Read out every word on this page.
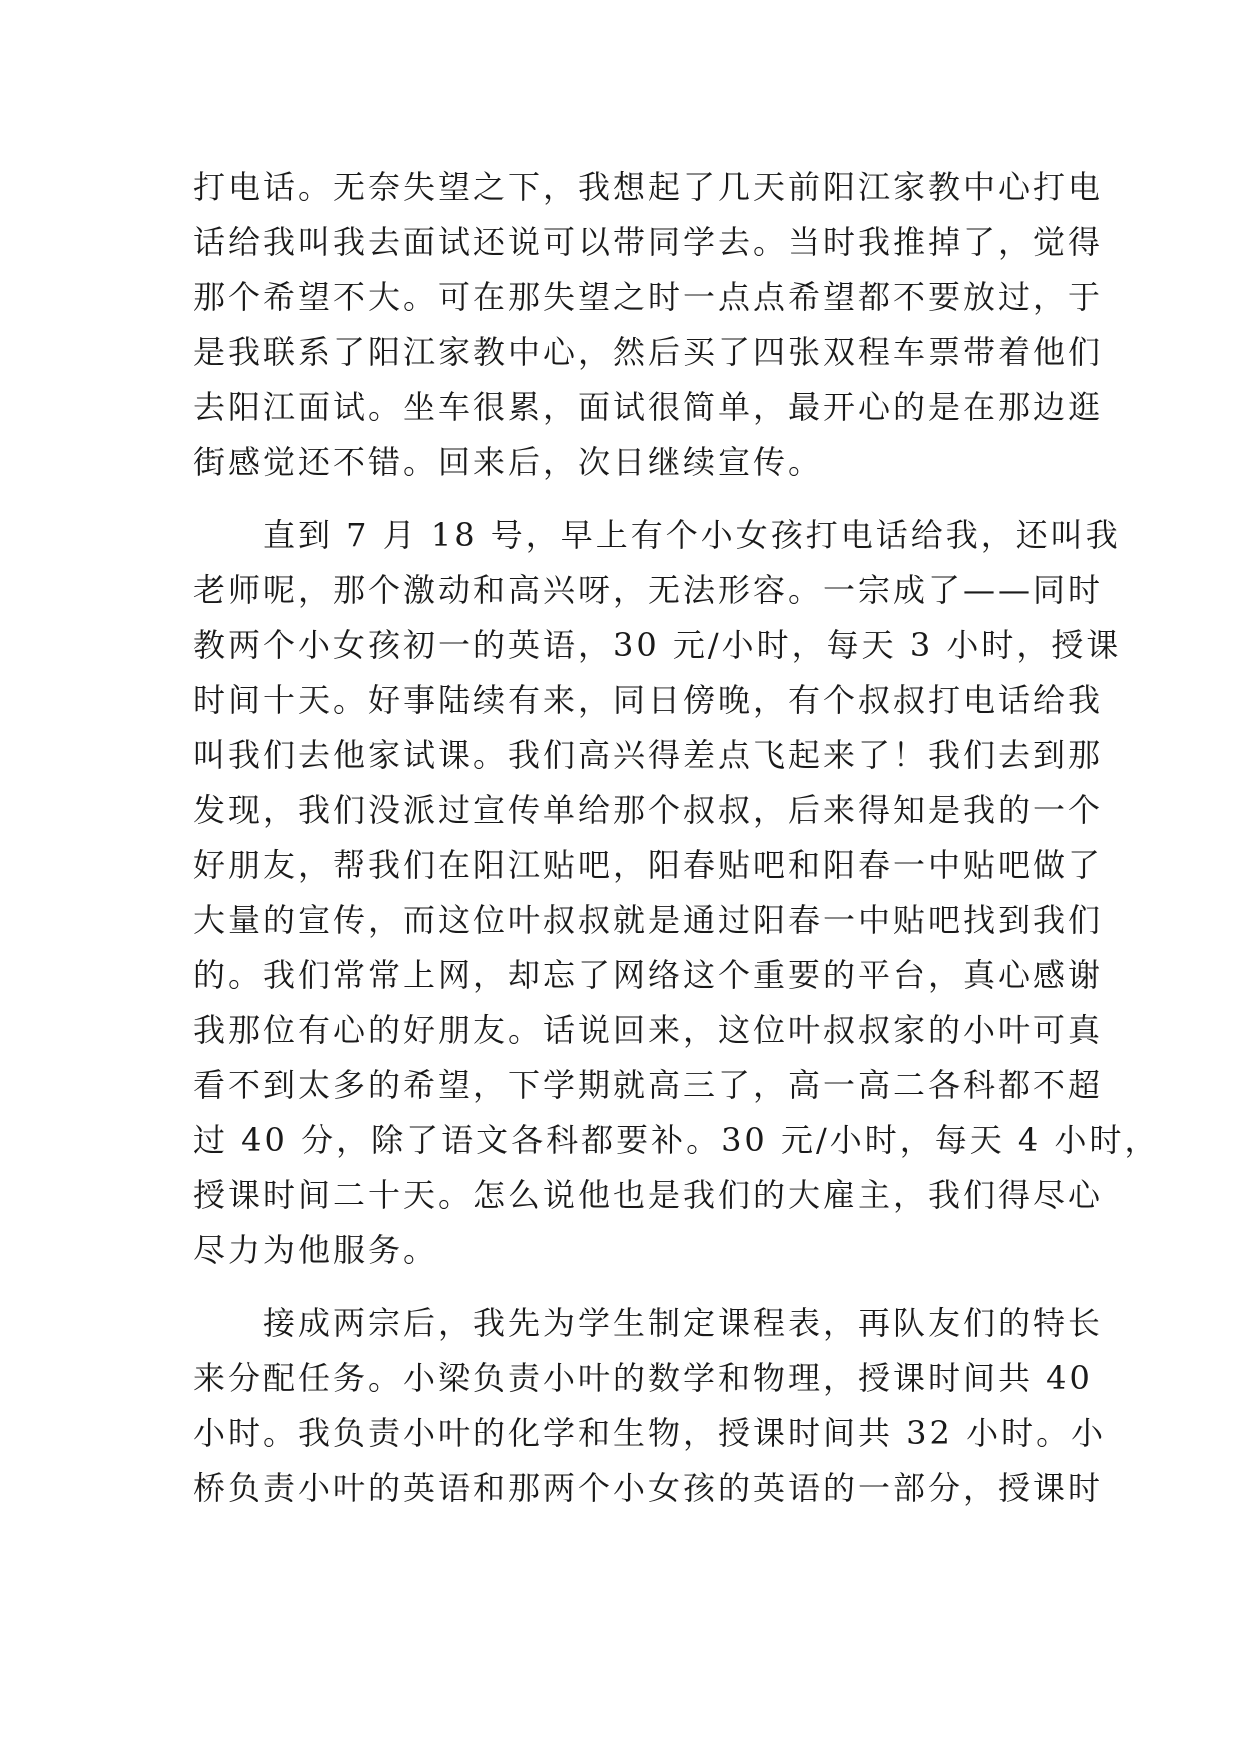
打电话。无奈失望之下，我想起了几天前阳江家教中心打电
话给我叫我去面试还说可以带同学去。当时我推掉了，觉得
那个希望不大。可在那失望之时一点点希望都不要放过，于
是我联系了阳江家教中心，然后买了四张双程车票带着他们
去阳江面试。坐车很累，面试很简单，最开心的是在那边逛
街感觉还不错。回来后，次日继续宣传。
　　直到 7 月 18 号，早上有个小女孩打电话给我，还叫我
老师呢，那个激动和高兴呀，无法形容。一宗成了——同时
教两个小女孩初一的英语，30 元/小时，每天 3 小时，授课
时间十天。好事陆续有来，同日傍晚，有个叔叔打电话给我
叫我们去他家试课。我们高兴得差点飞起来了！我们去到那
发现，我们没派过宣传单给那个叔叔，后来得知是我的一个
好朋友，帮我们在阳江贴吧，阳春贴吧和阳春一中贴吧做了
大量的宣传，而这位叶叔叔就是通过阳春一中贴吧找到我们
的。我们常常上网，却忘了网络这个重要的平台，真心感谢
我那位有心的好朋友。话说回来，这位叶叔叔家的小叶可真
看不到太多的希望，下学期就高三了，高一高二各科都不超
过 40 分，除了语文各科都要补。30 元/小时，每天 4 小时，
授课时间二十天。怎么说他也是我们的大雇主，我们得尽心
尽力为他服务。
　　接成两宗后，我先为学生制定课程表，再队友们的特长
来分配任务。小梁负责小叶的数学和物理，授课时间共 40
小时。我负责小叶的化学和生物，授课时间共 32 小时。小
桥负责小叶的英语和那两个小女孩的英语的一部分，授课时
